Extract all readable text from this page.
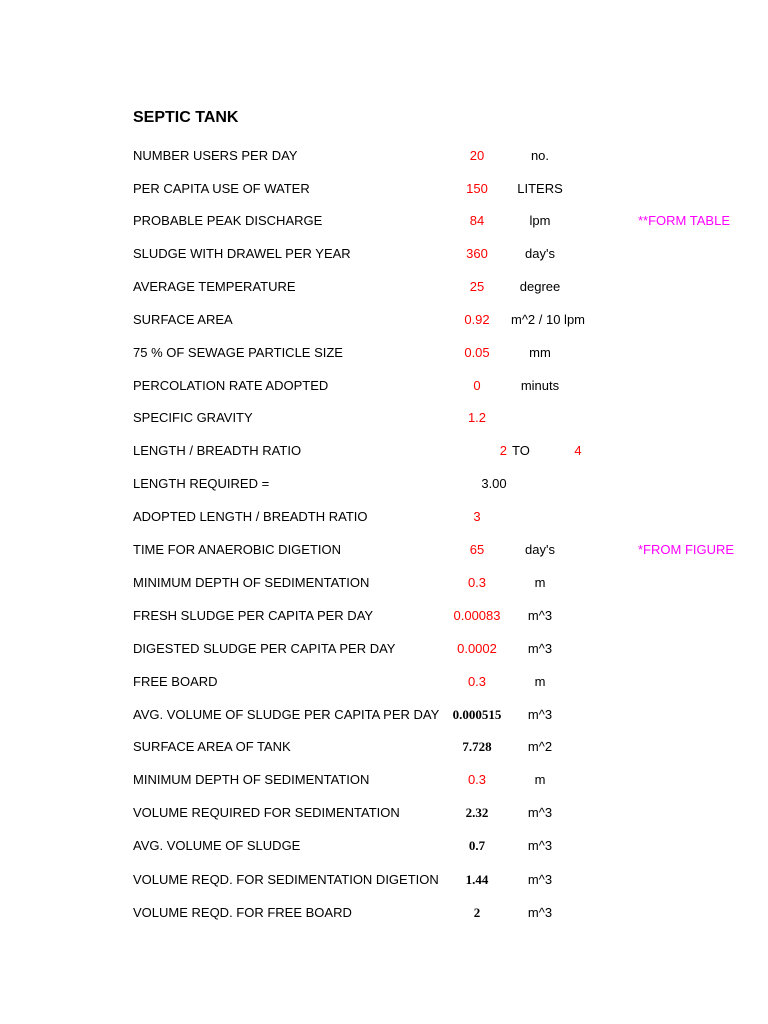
SEPTIC TANK
NUMBER USERS PER DAY	20	no.
PER CAPITA USE OF WATER	150	LITERS
PROBABLE PEAK DISCHARGE	84	lpm	**FORM TABLE
SLUDGE WITH DRAWEL PER YEAR	360	day's
AVERAGE TEMPERATURE	25	degree
SURFACE AREA	0.92	m^2 / 10 lpm
75 % OF SEWAGE PARTICLE SIZE	0.05	mm
PERCOLATION RATE ADOPTED	0	minuts
SPECIFIC GRAVITY	1.2
LENGTH / BREADTH RATIO	2 TO	4
LENGTH REQUIRED =	3.00
ADOPTED LENGTH / BREADTH RATIO	3
TIME FOR ANAEROBIC DIGETION	65	day's	*FROM FIGURE
MINIMUM DEPTH OF SEDIMENTATION	0.3	m
FRESH SLUDGE PER CAPITA PER DAY	0.00083	m^3
DIGESTED SLUDGE PER CAPITA PER DAY	0.0002	m^3
FREE BOARD	0.3	m
AVG. VOLUME OF SLUDGE PER CAPITA PER DAY	0.000515	m^3
SURFACE AREA OF TANK	7.728	m^2
MINIMUM DEPTH OF SEDIMENTATION	0.3	m
VOLUME REQUIRED FOR SEDIMENTATION	2.32	m^3
AVG. VOLUME OF SLUDGE	0.7	m^3
VOLUME REQD. FOR SEDIMENTATION DIGETION	1.44	m^3
VOLUME REQD. FOR FREE BOARD	2	m^3
